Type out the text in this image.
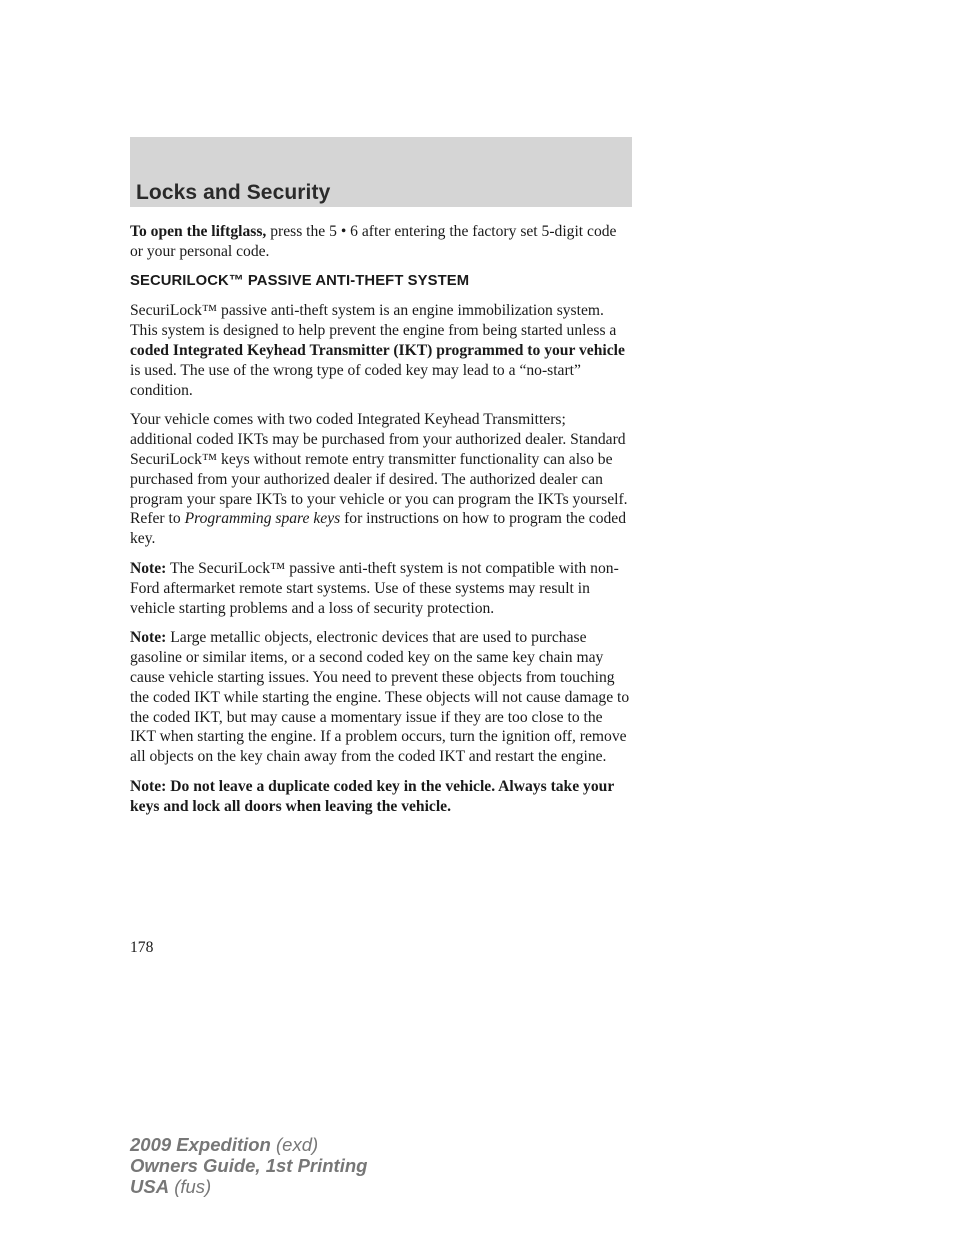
Locks and Security

To open the liftglass, press the 5 • 6 after entering the factory set 5-digit code or your personal code.

SECURILOCK™ PASSIVE ANTI-THEFT SYSTEM

SecuriLock™ passive anti-theft system is an engine immobilization system. This system is designed to help prevent the engine from being started unless a coded Integrated Keyhead Transmitter (IKT) programmed to your vehicle is used. The use of the wrong type of coded key may lead to a “no-start” condition.

Your vehicle comes with two coded Integrated Keyhead Transmitters; additional coded IKTs may be purchased from your authorized dealer. Standard SecuriLock™ keys without remote entry transmitter functionality can also be purchased from your authorized dealer if desired. The authorized dealer can program your spare IKTs to your vehicle or you can program the IKTs yourself. Refer to Programming spare keys for instructions on how to program the coded key.

Note: The SecuriLock™ passive anti-theft system is not compatible with non-Ford aftermarket remote start systems. Use of these systems may result in vehicle starting problems and a loss of security protection.

Note: Large metallic objects, electronic devices that are used to purchase gasoline or similar items, or a second coded key on the same key chain may cause vehicle starting issues. You need to prevent these objects from touching the coded IKT while starting the engine. These objects will not cause damage to the coded IKT, but may cause a momentary issue if they are too close to the IKT when starting the engine. If a problem occurs, turn the ignition off, remove all objects on the key chain away from the coded IKT and restart the engine.

Note: Do not leave a duplicate coded key in the vehicle. Always take your keys and lock all doors when leaving the vehicle.

178
2009 Expedition (exd)
Owners Guide, 1st Printing
USA (fus)
